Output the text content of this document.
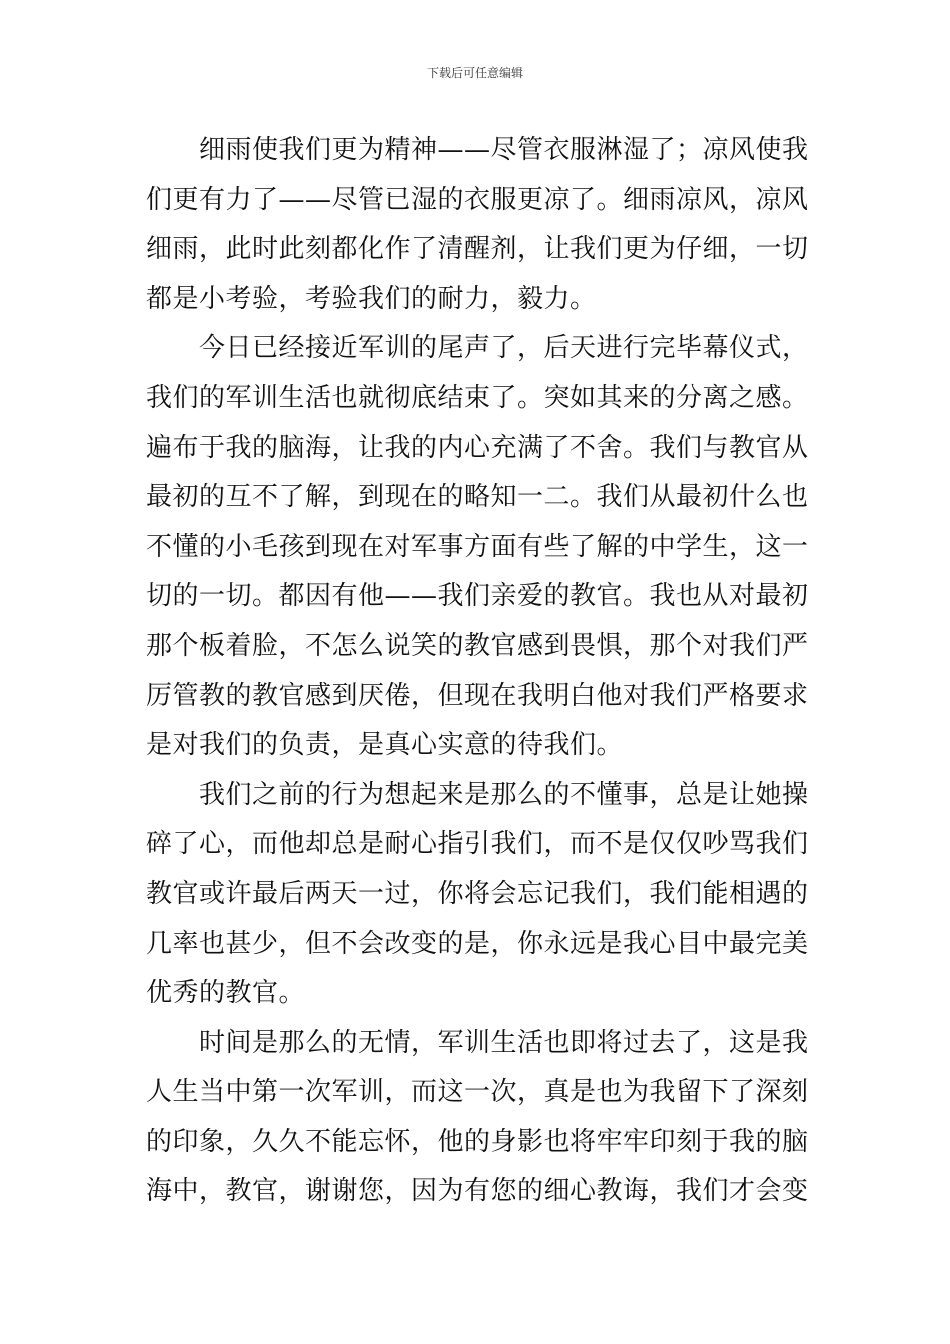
下载后可任意编辑
细雨使我们更为精神——尽管衣服淋湿了；凉风使我
们更有力了——尽管已湿的衣服更凉了。细雨凉风，凉风
细雨，此时此刻都化作了清醒剂，让我们更为仔细，一切
都是小考验，考验我们的耐力，毅力。
今日已经接近军训的尾声了，后天进行完毕幕仪式，
我们的军训生活也就彻底结束了。突如其来的分离之感。
遍布于我的脑海，让我的内心充满了不舍。我们与教官从
最初的互不了解，到现在的略知一二。我们从最初什么也
不懂的小毛孩到现在对军事方面有些了解的中学生，这一
切的一切。都因有他——我们亲爱的教官。我也从对最初
那个板着脸，不怎么说笑的教官感到畏惧，那个对我们严
厉管教的教官感到厌倦，但现在我明白他对我们严格要求
是对我们的负责，是真心实意的待我们。
我们之前的行为想起来是那么的不懂事，总是让她操
碎了心，而他却总是耐心指引我们，而不是仅仅吵骂我们
教官或许最后两天一过，你将会忘记我们，我们能相遇的
几率也甚少，但不会改变的是，你永远是我心目中最完美
优秀的教官。
时间是那么的无情，军训生活也即将过去了，这是我
人生当中第一次军训，而这一次，真是也为我留下了深刻
的印象，久久不能忘怀，他的身影也将牢牢印刻于我的脑
海中，教官，谢谢您，因为有您的细心教诲，我们才会变
